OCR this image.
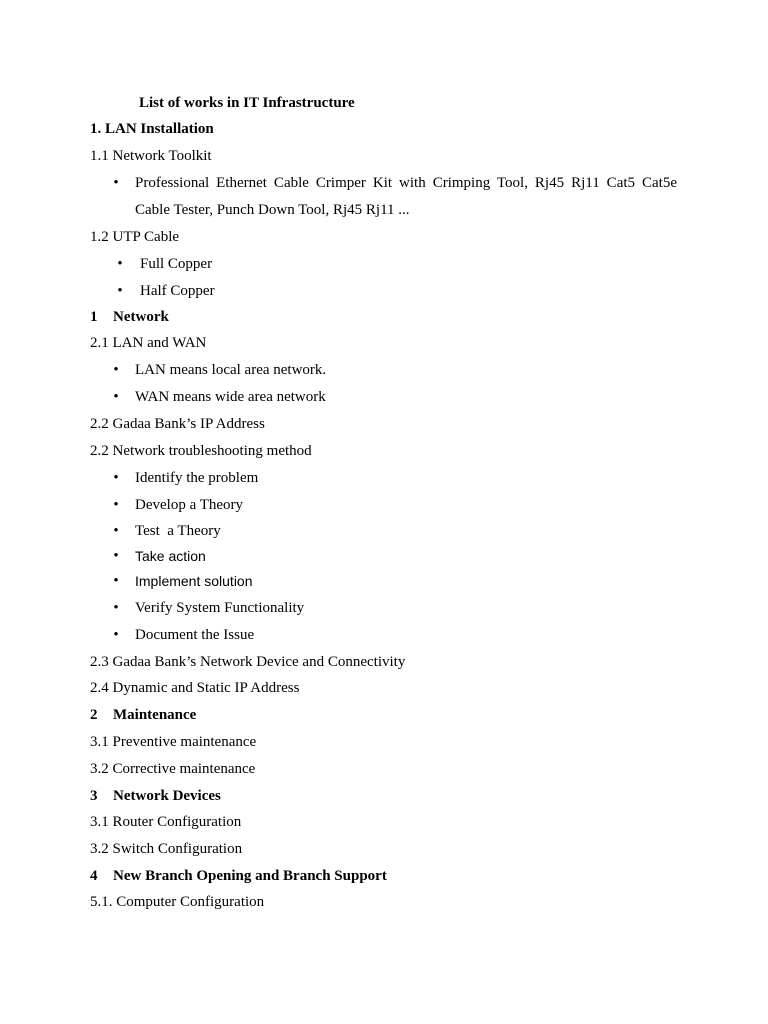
List of works in IT Infrastructure
1. LAN Installation
1.1 Network Toolkit
•
Professional Ethernet Cable Crimper Kit with Crimping Tool, Rj45 Rj11 Cat5 Cat5e
Cable Tester, Punch Down Tool, Rj45 Rj11 ...
1.2 UTP Cable
•
Full Copper
•
Half Copper
1 Network
2.1 LAN and WAN
•
LAN means local area network.
•
WAN means wide area network
2.2 Gadaa Bank’s IP Address
2.2 Network troubleshooting method
•
Identify the problem
•
Develop a Theory
•
Test  a Theory
•
Take action
•
Implement solution
•
Verify System Functionality
•
Document the Issue
2.3 Gadaa Bank’s Network Device and Connectivity
2.4 Dynamic and Static IP Address
2 Maintenance
3.1 Preventive maintenance
3.2 Corrective maintenance
3 Network Devices
3.1 Router Configuration
3.2 Switch Configuration
4 New Branch Opening and Branch Support
5.1. Computer Configuration
